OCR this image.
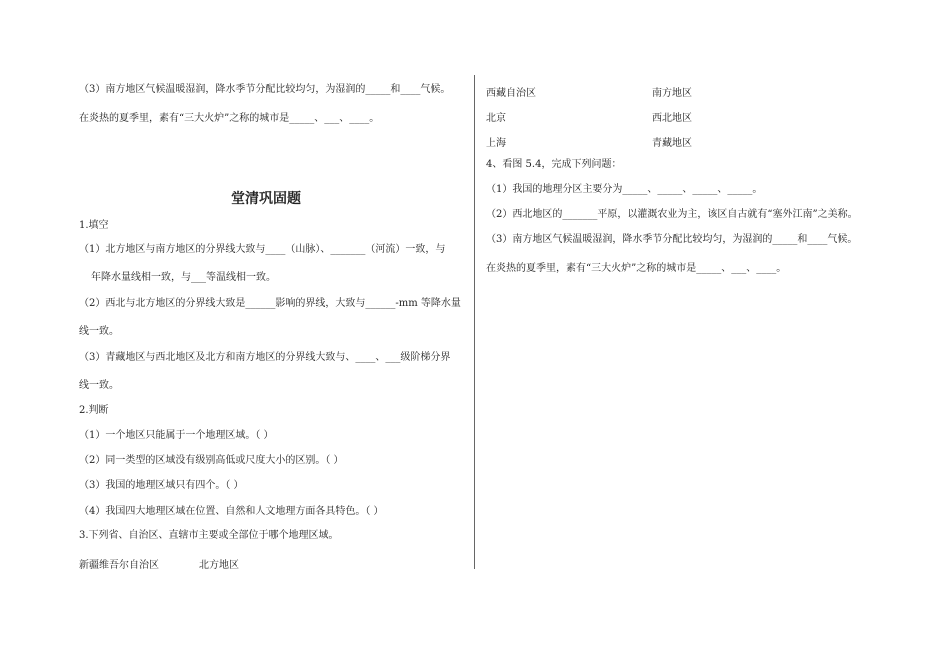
（3）南方地区气候温暖湿润，降水季节分配比较均匀，为湿润的_____和____气候。
在炎热的夏季里，素有“三大火炉”之称的城市是_____、___、____。
堂清巩固题
1.填空
（1）北方地区与南方地区的分界线大致与____（山脉）、_______（河流）一致，与
年降水量线相一致，与___等温线相一致。
（2）西北与北方地区的分界线大致是______影响的界线，大致与______-mm 等降水量
线一致。
（3）青藏地区与西北地区及北方和南方地区的分界线大致与、____、___级阶梯分界
线一致。
2.判断
（1）一个地区只能属于一个地理区域。（ ）
（2）同一类型的区域没有级别高低或尺度大小的区别。（ ）
（3）我国的地理区域只有四个。（ ）
（4）我国四大地理区域在位置、自然和人文地理方面各具特色。（ ）
3.下列省、自治区、直辖市主要或全部位于哪个地理区域。
新疆维吾尔自治区	北方地区
西藏自治区	南方地区
北京	西北地区
上海	青藏地区
4、看图 5.4，完成下列问题：
（1）我国的地理分区主要分为_____、_____、_____、_____。
（2）西北地区的_______平原，以灌溉农业为主，该区自古就有“塞外江南”之美称。
（3）南方地区气候温暖湿润，降水季节分配比较均匀，为湿润的_____和____气候。
在炎热的夏季里，素有“三大火炉”之称的城市是_____、___、____。
